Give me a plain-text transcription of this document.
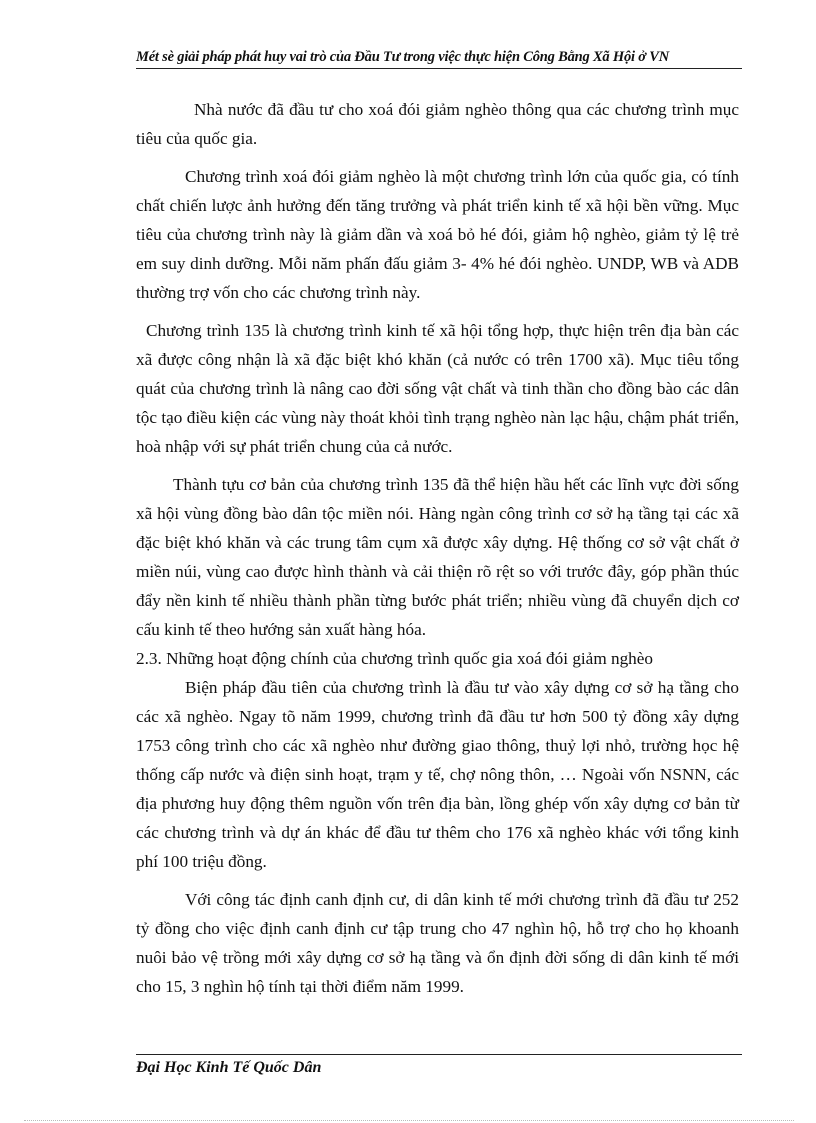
Mét sè giải pháp phát huy vai trò của Đầu Tư trong việc thực hiện Công Bằng Xã Hội ở VN

Nhà nước đã đầu tư cho xoá đói giảm nghèo thông qua các chương trình mục tiêu của quốc gia.

Chương trình xoá đói giảm nghèo là một chương trình lớn của quốc gia, có tính chất chiến lược ảnh hưởng đến tăng trưởng và phát triển kinh tế xã hội bền vững. Mục tiêu của chương trình này là giảm dần và xoá bỏ hé đói, giảm hộ nghèo, giảm tỷ lệ trẻ em suy dinh dưỡng. Mỗi năm phấn đấu giảm 3- 4% hé đói nghèo. UNDP, WB và ADB thường trợ vốn cho các chương trình này.

Chương trình 135 là chương trình kinh tế xã hội tổng hợp, thực hiện trên địa bàn các xã được công nhận là xã đặc biệt khó khăn (cả nước có trên 1700 xã). Mục tiêu tổng quát của chương trình là nâng cao đời sống vật chất và tinh thần cho đồng bào các dân tộc tạo điều kiện các vùng này thoát khỏi tình trạng nghèo nàn lạc hậu, chậm phát triển, hoà nhập với sự phát triển chung của cả nước.

Thành tựu cơ bản của chương trình 135 đã thể hiện hầu hết các lĩnh vực đời sống xã hội vùng đồng bào dân tộc miền nói. Hàng ngàn công trình cơ sở hạ tầng tại các xã đặc biệt khó khăn và các trung tâm cụm xã được xây dựng. Hệ thống cơ sở vật chất ở miền núi, vùng cao được hình thành và cải thiện rõ rệt so với trước đây, góp phần thúc đẩy nền kinh tế nhiều thành phần từng bước phát triển; nhiều vùng đã chuyển dịch cơ cấu kinh tế theo hướng sản xuất hàng hóa.

2.3. Những hoạt động chính của chương trình quốc gia xoá đói giảm nghèo

Biện pháp đầu tiên của chương trình là đầu tư vào xây dựng cơ sở hạ tầng cho các xã nghèo. Ngay tõ năm 1999, chương trình đã đầu tư hơn 500 tỷ đồng xây dựng 1753 công trình cho các xã nghèo như đường giao thông, thuỷ lợi nhỏ, trường học hệ thống cấp nước và điện sinh hoạt, trạm y tế, chợ nông thôn, … Ngoài vốn NSNN, các địa phương huy động thêm nguồn vốn trên địa bàn, lồng ghép vốn xây dựng cơ bản từ các chương trình và dự án khác để đầu tư thêm cho 176 xã nghèo khác với tổng kinh phí 100 triệu đồng.

Với công tác định canh định cư, di dân kinh tế mới chương trình đã đầu tư 252 tỷ đồng cho việc định canh định cư tập trung cho 47 nghìn hộ, hỗ trợ cho họ khoanh nuôi bảo vệ trồng mới xây dựng cơ sở hạ tầng và ổn định đời sống di dân kinh tế mới cho 15, 3 nghìn hộ tính tại thời điểm năm 1999.

Đại Học Kinh Tế Quốc Dân
